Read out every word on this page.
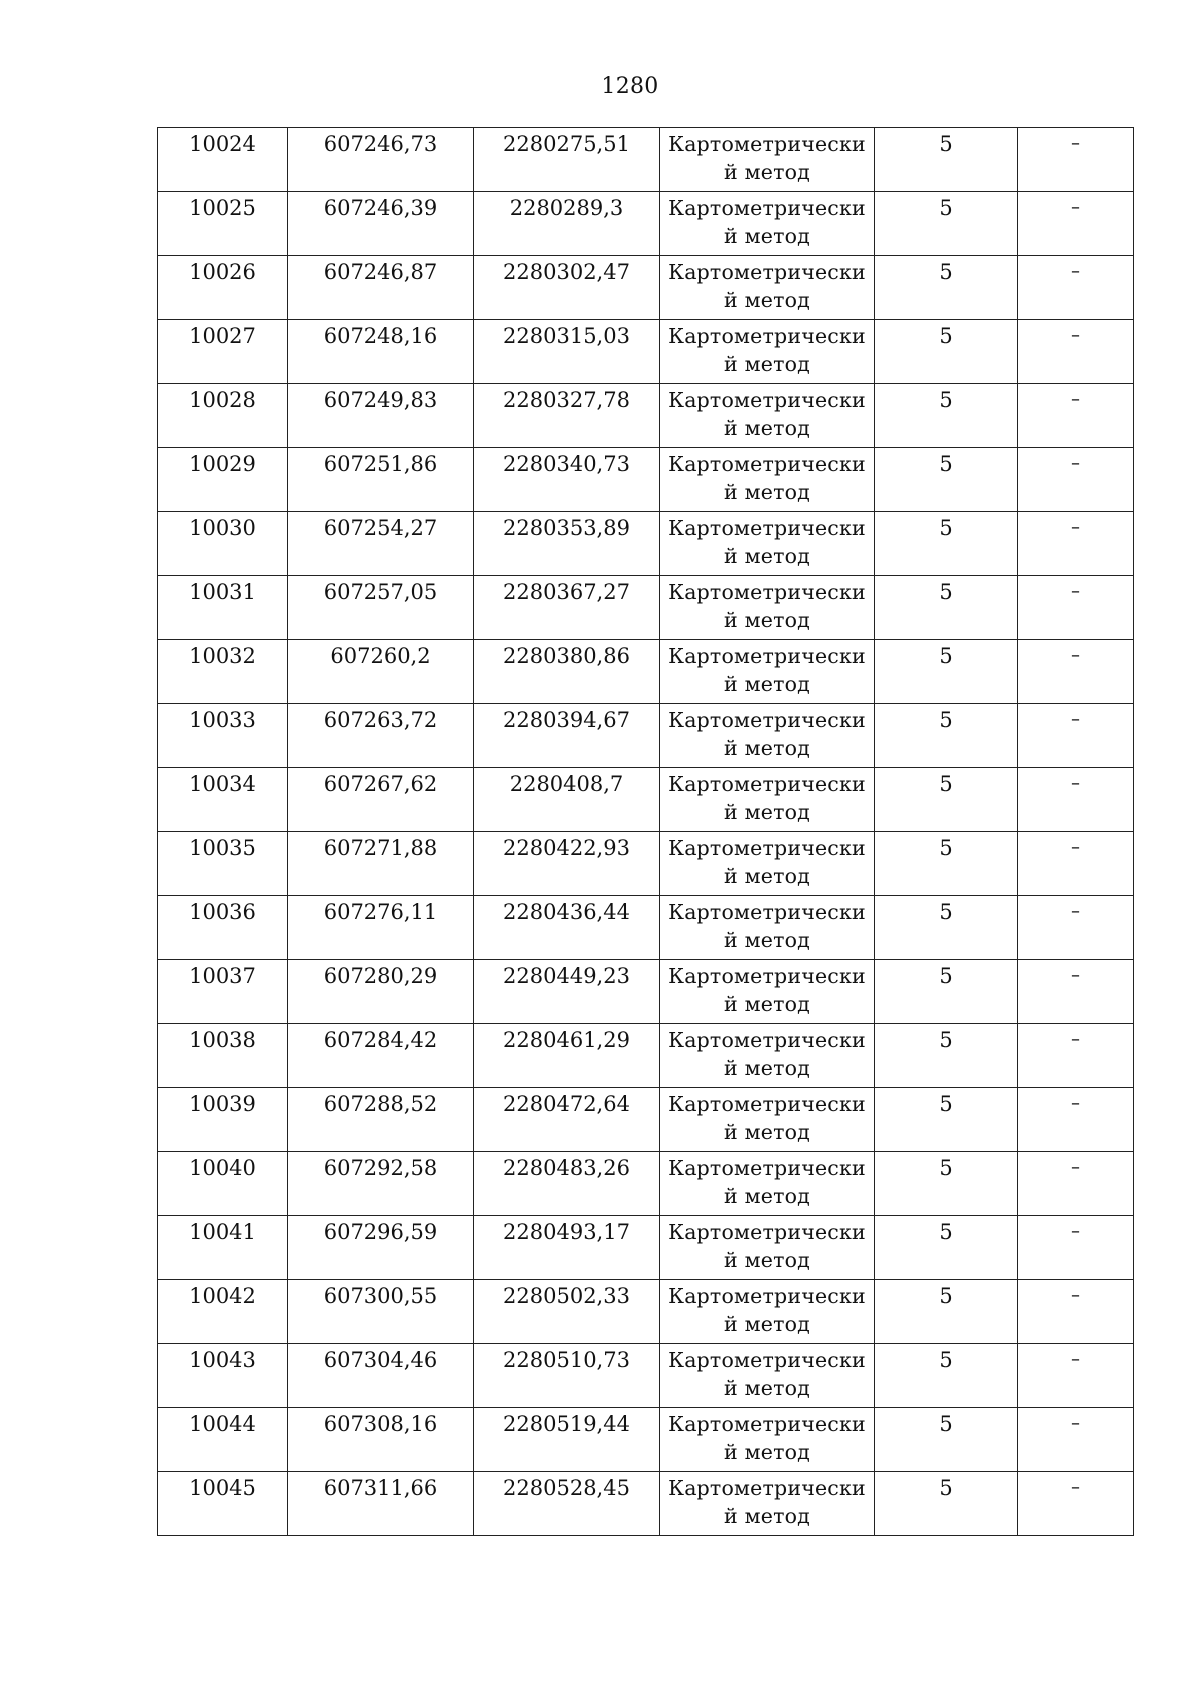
1280
10024	607246,73	2280275,51	Картометрически
й метод	5	–

10025	607246,39	2280289,3	Картометрически
й метод	5	–

10026	607246,87	2280302,47	Картометрически
й метод	5	–

10027	607248,16	2280315,03	Картометрически
й метод	5	–

10028	607249,83	2280327,78	Картометрически
й метод	5	–

10029	607251,86	2280340,73	Картометрически
й метод	5	–

10030	607254,27	2280353,89	Картометрически
й метод	5	–

10031	607257,05	2280367,27	Картометрически
й метод	5	–

10032	607260,2	2280380,86	Картометрически
й метод	5	–

10033	607263,72	2280394,67	Картометрически
й метод	5	–

10034	607267,62	2280408,7	Картометрически
й метод	5	–

10035	607271,88	2280422,93	Картометрически
й метод	5	–

10036	607276,11	2280436,44	Картометрически
й метод	5	–

10037	607280,29	2280449,23	Картометрически
й метод	5	–

10038	607284,42	2280461,29	Картометрически
й метод	5	–

10039	607288,52	2280472,64	Картометрически
й метод	5	–

10040	607292,58	2280483,26	Картометрически
й метод	5	–

10041	607296,59	2280493,17	Картометрически
й метод	5	–

10042	607300,55	2280502,33	Картометрически
й метод	5	–

10043	607304,46	2280510,73	Картометрически
й метод	5	–

10044	607308,16	2280519,44	Картометрически
й метод	5	–

10045	607311,66	2280528,45	Картометрически
й метод	5	–
